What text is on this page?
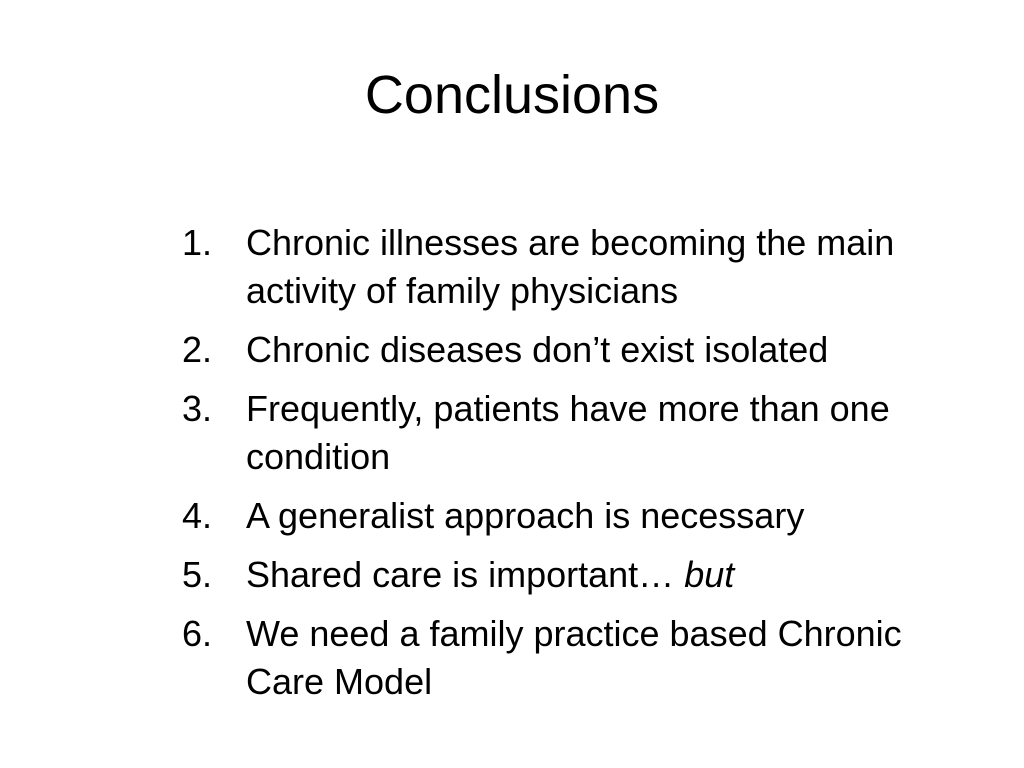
Conclusions
1. Chronic illnesses are becoming the main activity of family physicians
2. Chronic diseases don’t exist isolated
3. Frequently, patients have more than one condition
4. A generalist approach is necessary
5. Shared care is important… but
6. We need a family practice based Chronic Care Model
